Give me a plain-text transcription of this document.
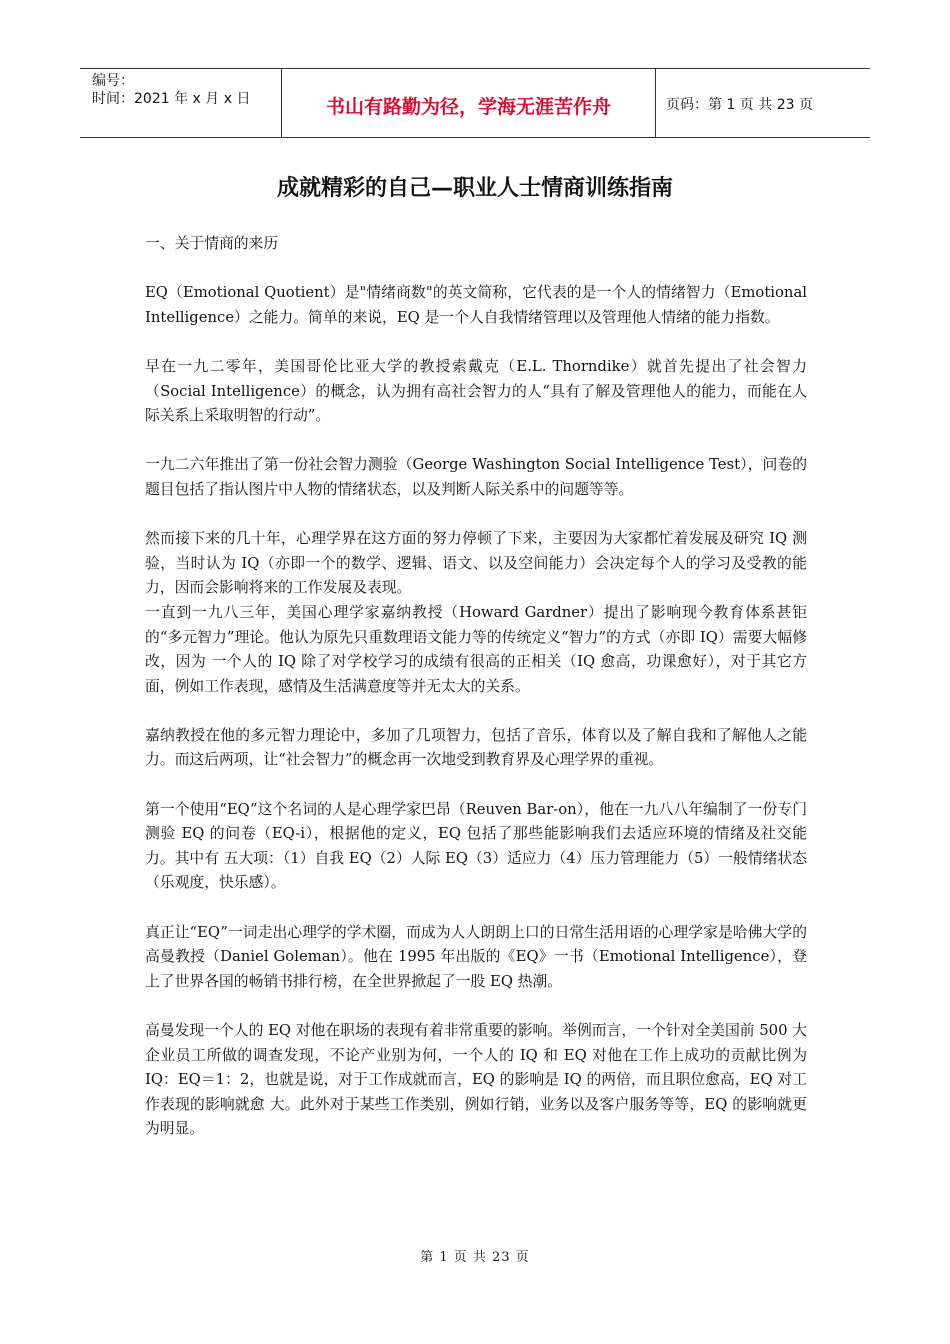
编号：
时间：2021 年 x 月 x 日	书山有路勤为径，学海无涯苦作舟	页码：第 1 页 共 23 页
成就精彩的自己—职业人士情商训练指南

一、关于情商的来历

EQ（Emotional Quotient）是"情绪商数"的英文简称，它代表的是一个人的情绪智力（Emotional Intelligence）之能力。简单的来说，EQ 是一个人自我情绪管理以及管理他人情绪的能力指数。

早在一九二零年，美国哥伦比亚大学的教授索戴克（E.L. Thorndike）就首先提出了社会智力（Social Intelligence）的概念，认为拥有高社会智力的人“具有了解及管理他人的能力，而能在人际关系上采取明智的行动”。

一九二六年推出了第一份社会智力测验（George Washington Social Intelligence Test），问卷的题目包括了指认图片中人物的情绪状态，以及判断人际关系中的问题等等。

然而接下来的几十年，心理学界在这方面的努力停顿了下来，主要因为大家都忙着发展及研究 IQ 测验，当时认为 IQ（亦即一个的数学、逻辑、语文、以及空间能力）会决定每个人的学习及受教的能力，因而会影响将来的工作发展及表现。

一直到一九八三年，美国心理学家嘉纳教授（Howard Gardner）提出了影响现今教育体系甚钜的“多元智力”理论。他认为原先只重数理语文能力等的传统定义“智力”的方式（亦即 IQ）需要大幅修改，因为 一个人的 IQ 除了对学校学习的成绩有很高的正相关（IQ 愈高，功课愈好），对于其它方面，例如工作表现，感情及生活满意度等并无太大的关系。

嘉纳教授在他的多元智力理论中，多加了几项智力，包括了音乐，体育以及了解自我和了解他人之能力。而这后两项，让“社会智力”的概念再一次地受到教育界及心理学界的重视。

第一个使用“EQ”这个名词的人是心理学家巴昂（Reuven Bar-on），他在一九八八年编制了一份专门测验 EQ 的问卷（EQ-i），根据他的定义，EQ 包括了那些能影响我们去适应环境的情绪及社交能力。其中有 五大项：（1）自我 EQ（2）人际 EQ（3）适应力（4）压力管理能力（5）一般情绪状态（乐观度，快乐感）。

真正让“EQ”一词走出心理学的学术圈，而成为人人朗朗上口的日常生活用语的心理学家是哈佛大学的高曼教授（Daniel Goleman）。他在 1995 年出版的《EQ》一书（Emotional Intelligence），登上了世界各国的畅销书排行榜，在全世界掀起了一股 EQ 热潮。

高曼发现一个人的 EQ 对他在职场的表现有着非常重要的影响。举例而言，一个针对全美国前 500 大企业员工所做的调查发现，不论产业别为何，一个人的 IQ 和 EQ 对他在工作上成功的贡献比例为 IQ：EQ＝1：2，也就是说，对于工作成就而言，EQ 的影响是 IQ 的两倍，而且职位愈高，EQ 对工作表现的影响就愈 大。此外对于某些工作类别，例如行销，业务以及客户服务等等，EQ 的影响就更为明显。

第 1 页 共 23 页
